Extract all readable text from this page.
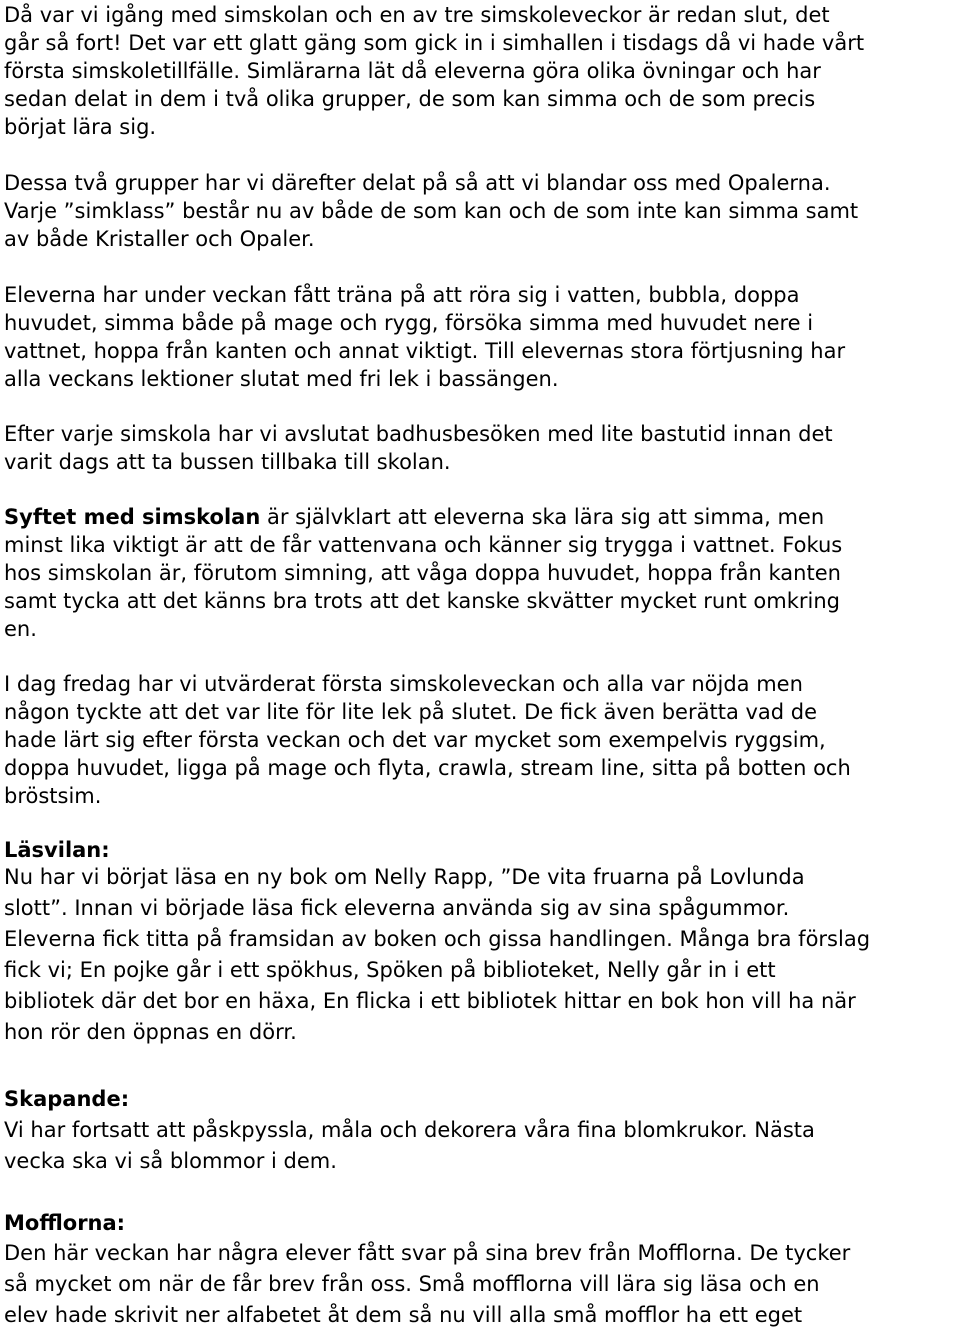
Då var vi igång med simskolan och en av tre simskoleveckor är redan slut, det
går så fort! Det var ett glatt gäng som gick in i simhallen i tisdags då vi hade vårt
första simskoletillfälle. Simlärarna lät då eleverna göra olika övningar och har
sedan delat in dem i två olika grupper, de som kan simma och de som precis
börjat lära sig.

Dessa två grupper har vi därefter delat på så att vi blandar oss med Opalerna.
Varje ”simklass” består nu av både de som kan och de som inte kan simma samt
av både Kristaller och Opaler.

Eleverna har under veckan fått träna på att röra sig i vatten, bubbla, doppa
huvudet, simma både på mage och rygg, försöka simma med huvudet nere i
vattnet, hoppa från kanten och annat viktigt. Till elevernas stora förtjusning har
alla veckans lektioner slutat med fri lek i bassängen.

Efter varje simskola har vi avslutat badhusbesöken med lite bastutid innan det
varit dags att ta bussen tillbaka till skolan.

Syftet med simskolan är självklart att eleverna ska lära sig att simma, men
minst lika viktigt är att de får vattenvana och känner sig trygga i vattnet. Fokus
hos simskolan är, förutom simning, att våga doppa huvudet, hoppa från kanten
samt tycka att det känns bra trots att det kanske skvätter mycket runt omkring
en.

I dag fredag har vi utvärderat första simskoleveckan och alla var nöjda men
någon tyckte att det var lite för lite lek på slutet. De fick även berätta vad de
hade lärt sig efter första veckan och det var mycket som exempelvis ryggsim,
doppa huvudet, ligga på mage och flyta, crawla, stream line, sitta på botten och
bröstsim.

Läsvilan:

Nu har vi börjat läsa en ny bok om Nelly Rapp, ”De vita fruarna på Lovlunda
slott”. Innan vi började läsa fick eleverna använda sig av sina spågummor.
Eleverna fick titta på framsidan av boken och gissa handlingen. Många bra förslag
fick vi; En pojke går i ett spökhus, Spöken på biblioteket, Nelly går in i ett
bibliotek där det bor en häxa, En flicka i ett bibliotek hittar en bok hon vill ha när
hon rör den öppnas en dörr.

Skapande:

Vi har fortsatt att påskpyssla, måla och dekorera våra fina blomkrukor. Nästa
vecka ska vi så blommor i dem.

Mofflorna:

Den här veckan har några elever fått svar på sina brev från Mofflorna. De tycker
så mycket om när de får brev från oss. Små mofflorna vill lära sig läsa och en
elev hade skrivit ner alfabetet åt dem så nu vill alla små mofflor ha ett eget
